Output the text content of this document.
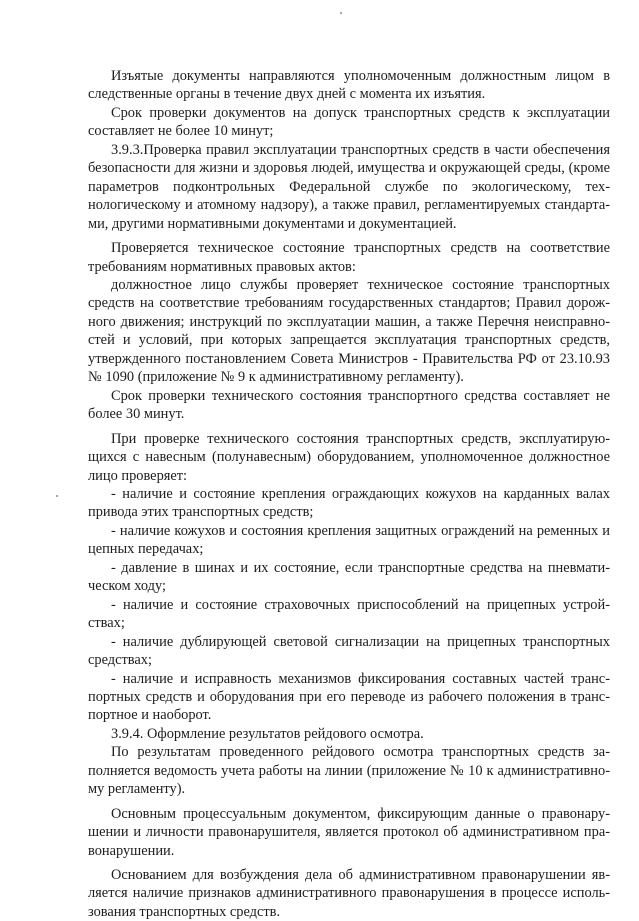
Изъятые документы направляются уполномоченным должностным лицом в следственные органы в течение двух дней с момента их изъятия.

Срок проверки документов на допуск транспортных средств к эксплуатации составляет не более 10 минут;

3.9.3.Проверка правил эксплуатации транспортных средств в части обеспечения безопасности для жизни и здоровья людей, имущества и окружающей среды, (кроме параметров подконтрольных Федеральной службе по экологическому, технологическому и атомному надзору), а также правил, регламентируемых стандартами, другими нормативными документами и документацией.

Проверяется техническое состояние транспортных средств на соответствие требованиям нормативных правовых актов:

должностное лицо службы проверяет техническое состояние транспортных средств на соответствие требованиям государственных стандартов; Правил дорожного движения; инструкций по эксплуатации машин, а также Перечня неисправностей и условий, при которых запрещается эксплуатация транспортных средств, утвержденного постановлением Совета Министров - Правительства РФ от 23.10.93 № 1090 (приложение № 9 к административному регламенту).

Срок проверки технического состояния транспортного средства составляет не более 30 минут.

При проверке технического состояния транспортных средств, эксплуатирующихся с навесным (полунавесным) оборудованием, уполномоченное должностное лицо проверяет:

- наличие и состояние крепления ограждающих кожухов на карданных валах привода этих транспортных средств;

- наличие кожухов и состояния крепления защитных ограждений на ременных и цепных передачах;

- давление в шинах и их состояние, если транспортные средства на пневматическом ходу;

- наличие и состояние страховочных приспособлений на прицепных устройствах;

- наличие дублирующей световой сигнализации на прицепных транспортных средствах;

- наличие и исправность механизмов фиксирования составных частей транспортных средств и оборудования при его переводе из рабочего положения в транспортное и наоборот.

3.9.4. Оформление результатов рейдового осмотра.

По результатам проведенного рейдового осмотра транспортных средств заполняется ведомость учета работы на линии (приложение № 10 к административному регламенту).

Основным процессуальным документом, фиксирующим данные о правонарушении и личности правонарушителя, является протокол об административном правонарушении.

Основанием для возбуждения дела об административном правонарушении является наличие признаков административного правонарушения в процессе использования транспортных средств.
